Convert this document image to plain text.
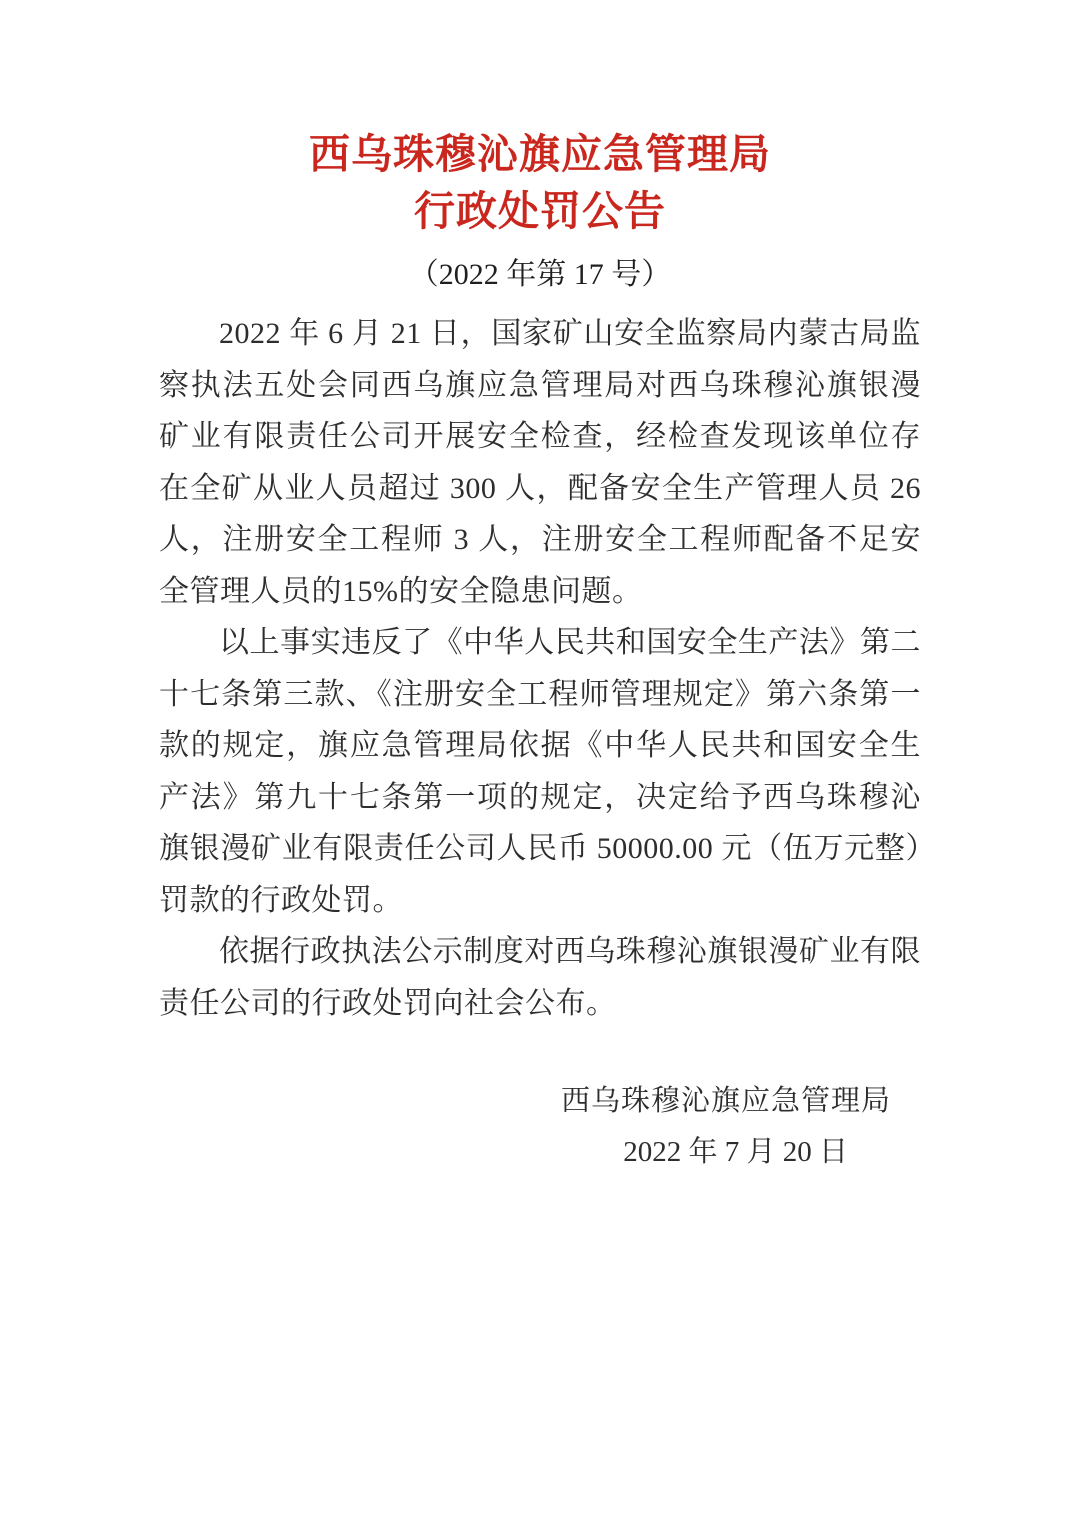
西乌珠穆沁旗应急管理局
行政处罚公告
（2022 年第 17 号）

2022 年 6 月 21 日，国家矿山安全监察局内蒙古局监察执法五处会同西乌旗应急管理局对西乌珠穆沁旗银漫矿业有限责任公司开展安全检查，经检查发现该单位存在全矿从业人员超过 300 人，配备安全生产管理人员 26 人，注册安全工程师 3 人，注册安全工程师配备不足安全管理人员的15%的安全隐患问题。

以上事实违反了《中华人民共和国安全生产法》第二十七条第三款、《注册安全工程师管理规定》第六条第一款的规定，旗应急管理局依据《中华人民共和国安全生产法》第九十七条第一项的规定，决定给予西乌珠穆沁旗银漫矿业有限责任公司人民币 50000.00 元（伍万元整）罚款的行政处罚。

依据行政执法公示制度对西乌珠穆沁旗银漫矿业有限责任公司的行政处罚向社会公布。

西乌珠穆沁旗应急管理局
2022 年 7 月 20 日
